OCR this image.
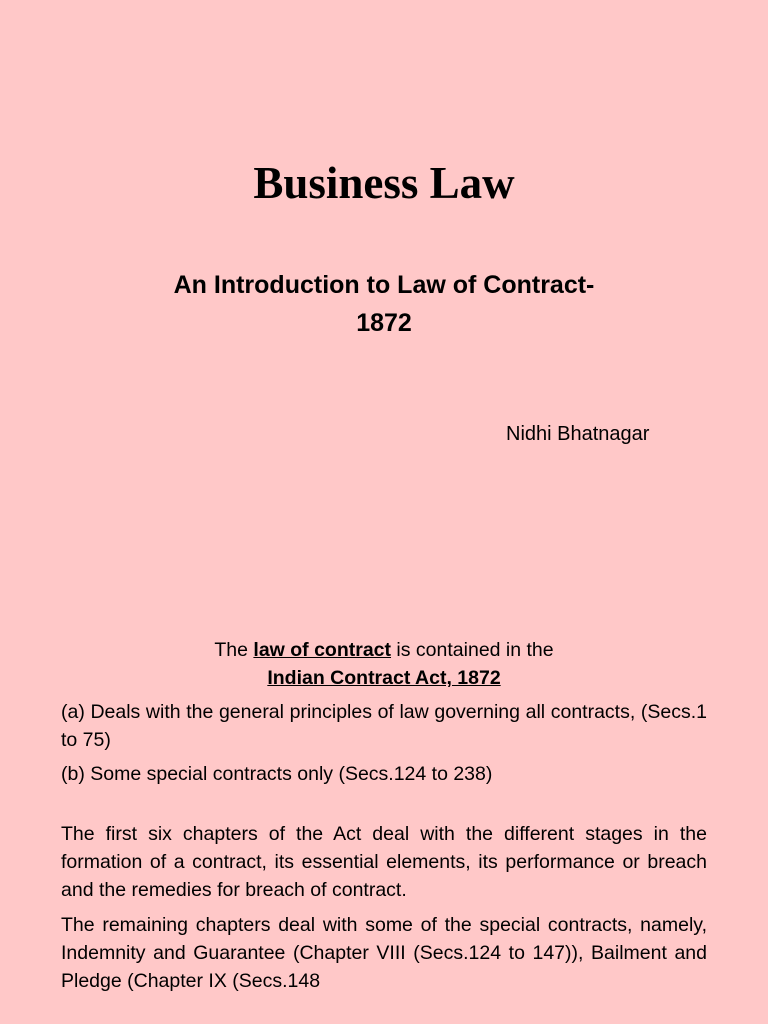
Business Law
An Introduction to Law of Contract-
1872

Nidhi Bhatnagar

The law of contract is contained in the

Indian Contract Act, 1872

(a) Deals with the general principles of law governing all contracts, (Secs.1 to 75)

(b) Some special contracts only (Secs.124 to 238)

The first six chapters of the Act deal with the different stages in the formation of a contract, its essential elements, its performance or breach and the remedies for breach of contract.

The remaining chapters deal with some of the special contracts, namely, Indemnity and Guarantee (Chapter VIII (Secs.124 to 147)), Bailment and Pledge (Chapter IX (Secs.148
